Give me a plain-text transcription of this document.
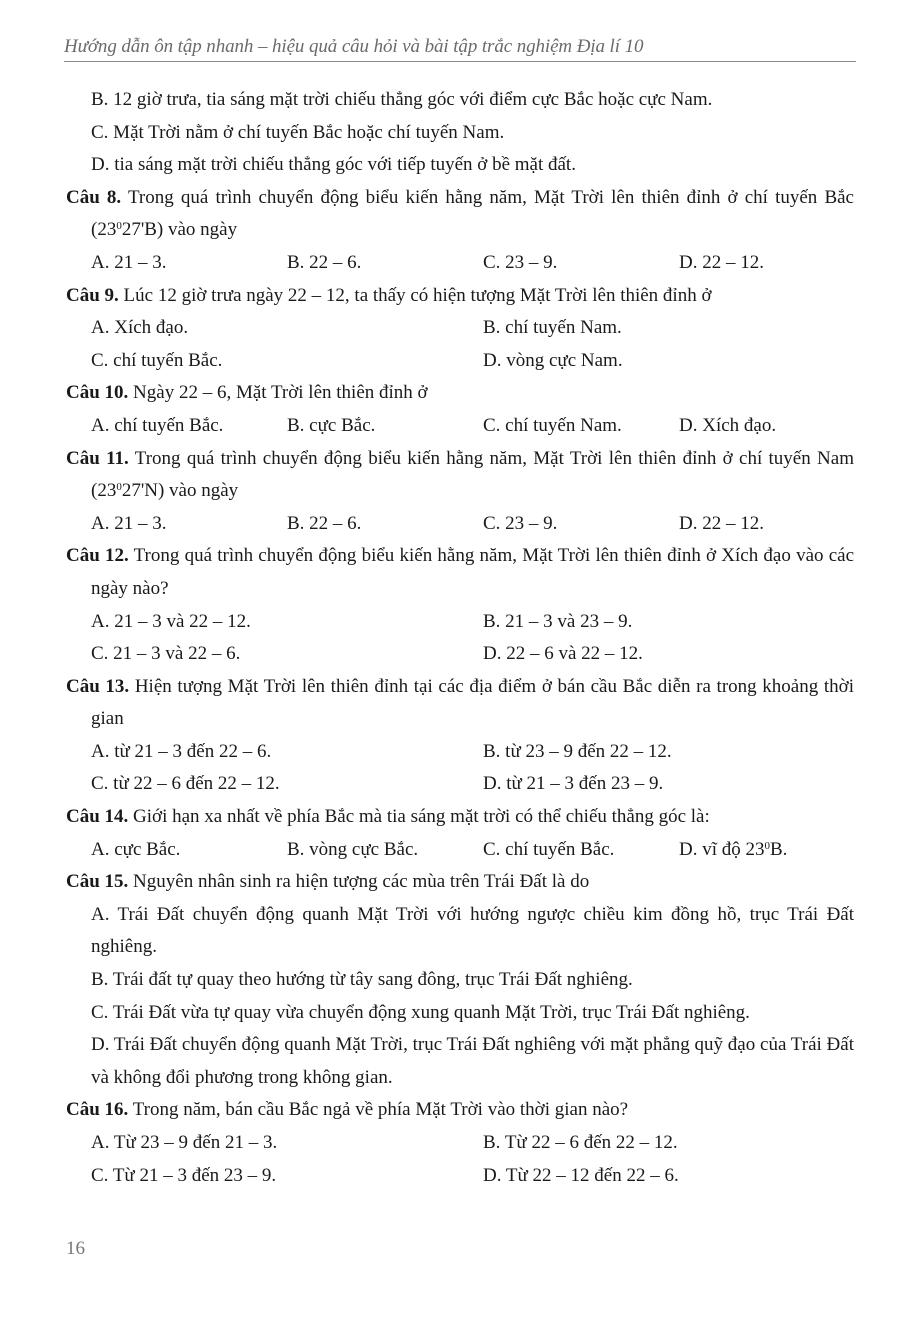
Hướng dẫn ôn tập nhanh – hiệu quả câu hỏi và bài tập trắc nghiệm Địa lí 10
B. 12 giờ trưa, tia sáng mặt trời chiếu thẳng góc với điểm cực Bắc hoặc cực Nam.
C. Mặt Trời nằm ở chí tuyến Bắc hoặc chí tuyến Nam.
D. tia sáng mặt trời chiếu thẳng góc với tiếp tuyến ở bề mặt đất.
Câu 8. Trong quá trình chuyển động biểu kiến hằng năm, Mặt Trời lên thiên đỉnh ở chí tuyến Bắc $(23^027'B)$ vào ngày
A. 21 – 3.	B. 22 – 6.	C. 23 – 9.	D. 22 – 12.
Câu 9. Lúc 12 giờ trưa ngày 22 – 12, ta thấy có hiện tượng Mặt Trời lên thiên đỉnh ở
A. Xích đạo.	B. chí tuyến Nam.
C. chí tuyến Bắc.	D. vòng cực Nam.
Câu 10. Ngày 22 – 6, Mặt Trời lên thiên đỉnh ở
A. chí tuyến Bắc.	B. cực Bắc.	C. chí tuyến Nam.	D. Xích đạo.
Câu 11. Trong quá trình chuyển động biểu kiến hằng năm, Mặt Trời lên thiên đỉnh ở chí tuyến Nam $(23^027'N)$ vào ngày
A. 21 – 3.	B. 22 – 6.	C. 23 – 9.	D. 22 – 12.
Câu 12. Trong quá trình chuyển động biểu kiến hằng năm, Mặt Trời lên thiên đỉnh ở Xích đạo vào các ngày nào?
A. 21 – 3 và 22 – 12.	B. 21 – 3 và 23 – 9.
C. 21 – 3 và 22 – 6.	D. 22 – 6 và 22 – 12.
Câu 13. Hiện tượng Mặt Trời lên thiên đỉnh tại các địa điểm ở bán cầu Bắc diễn ra trong khoảng thời gian
A. từ 21 – 3 đến 22 – 6.	B. từ 23 – 9 đến 22 – 12.
C. từ 22 – 6 đến 22 – 12.	D. từ 21 – 3 đến 23 – 9.
Câu 14. Giới hạn xa nhất về phía Bắc mà tia sáng mặt trời có thể chiếu thẳng góc là:
A. cực Bắc.	B. vòng cực Bắc.	C. chí tuyến Bắc.	D. vĩ độ $23^0B$.
Câu 15. Nguyên nhân sinh ra hiện tượng các mùa trên Trái Đất là do
A. Trái Đất chuyển động quanh Mặt Trời với hướng ngược chiều kim đồng hồ, trục Trái Đất nghiêng.
B. Trái đất tự quay theo hướng từ tây sang đông, trục Trái Đất nghiêng.
C. Trái Đất vừa tự quay vừa chuyển động xung quanh Mặt Trời, trục Trái Đất nghiêng.
D. Trái Đất chuyển động quanh Mặt Trời, trục Trái Đất nghiêng với mặt phẳng quỹ đạo của Trái Đất và không đổi phương trong không gian.
Câu 16. Trong năm, bán cầu Bắc ngả về phía Mặt Trời vào thời gian nào?
A. Từ 23 – 9 đến 21 – 3.	B. Từ 22 – 6 đến 22 – 12.
C. Từ 21 – 3 đến 23 – 9.	D. Từ 22 – 12 đến 22 – 6.
16
